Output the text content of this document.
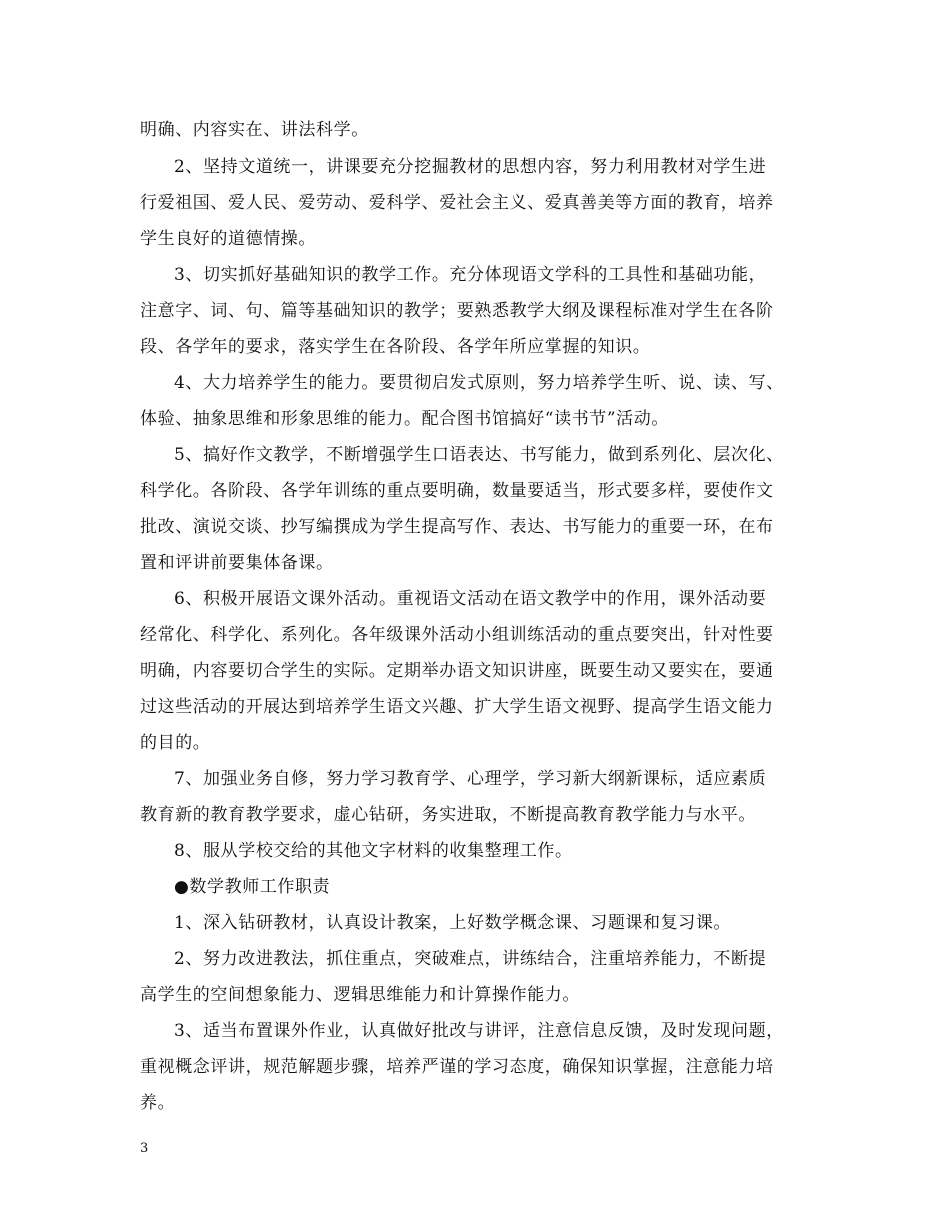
明确、内容实在、讲法科学。
2、坚持文道统一，讲课要充分挖掘教材的思想内容，努力利用教材对学生进
行爱祖国、爱人民、爱劳动、爱科学、爱社会主义、爱真善美等方面的教育，培养
学生良好的道德情操。
3、切实抓好基础知识的教学工作。充分体现语文学科的工具性和基础功能，
注意字、词、句、篇等基础知识的教学；要熟悉教学大纲及课程标准对学生在各阶
段、各学年的要求，落实学生在各阶段、各学年所应掌握的知识。
4、大力培养学生的能力。要贯彻启发式原则，努力培养学生听、说、读、写、
体验、抽象思维和形象思维的能力。配合图书馆搞好“读书节”活动。
5、搞好作文教学，不断增强学生口语表达、书写能力，做到系列化、层次化、
科学化。各阶段、各学年训练的重点要明确，数量要适当，形式要多样，要使作文
批改、演说交谈、抄写编撰成为学生提高写作、表达、书写能力的重要一环，在布
置和评讲前要集体备课。
6、积极开展语文课外活动。重视语文活动在语文教学中的作用，课外活动要
经常化、科学化、系列化。各年级课外活动小组训练活动的重点要突出，针对性要
明确，内容要切合学生的实际。定期举办语文知识讲座，既要生动又要实在，要通
过这些活动的开展达到培养学生语文兴趣、扩大学生语文视野、提高学生语文能力
的目的。
7、加强业务自修，努力学习教育学、心理学，学习新大纲新课标，适应素质
教育新的教育教学要求，虚心钻研，务实进取，不断提高教育教学能力与水平。
8、服从学校交给的其他文字材料的收集整理工作。
●数学教师工作职责
1、深入钻研教材，认真设计教案，上好数学概念课、习题课和复习课。
2、努力改进教法，抓住重点，突破难点，讲练结合，注重培养能力，不断提
高学生的空间想象能力、逻辑思维能力和计算操作能力。
3、适当布置课外作业，认真做好批改与讲评，注意信息反馈，及时发现问题，
重视概念评讲，规范解题步骤，培养严谨的学习态度，确保知识掌握，注意能力培
养。
3
